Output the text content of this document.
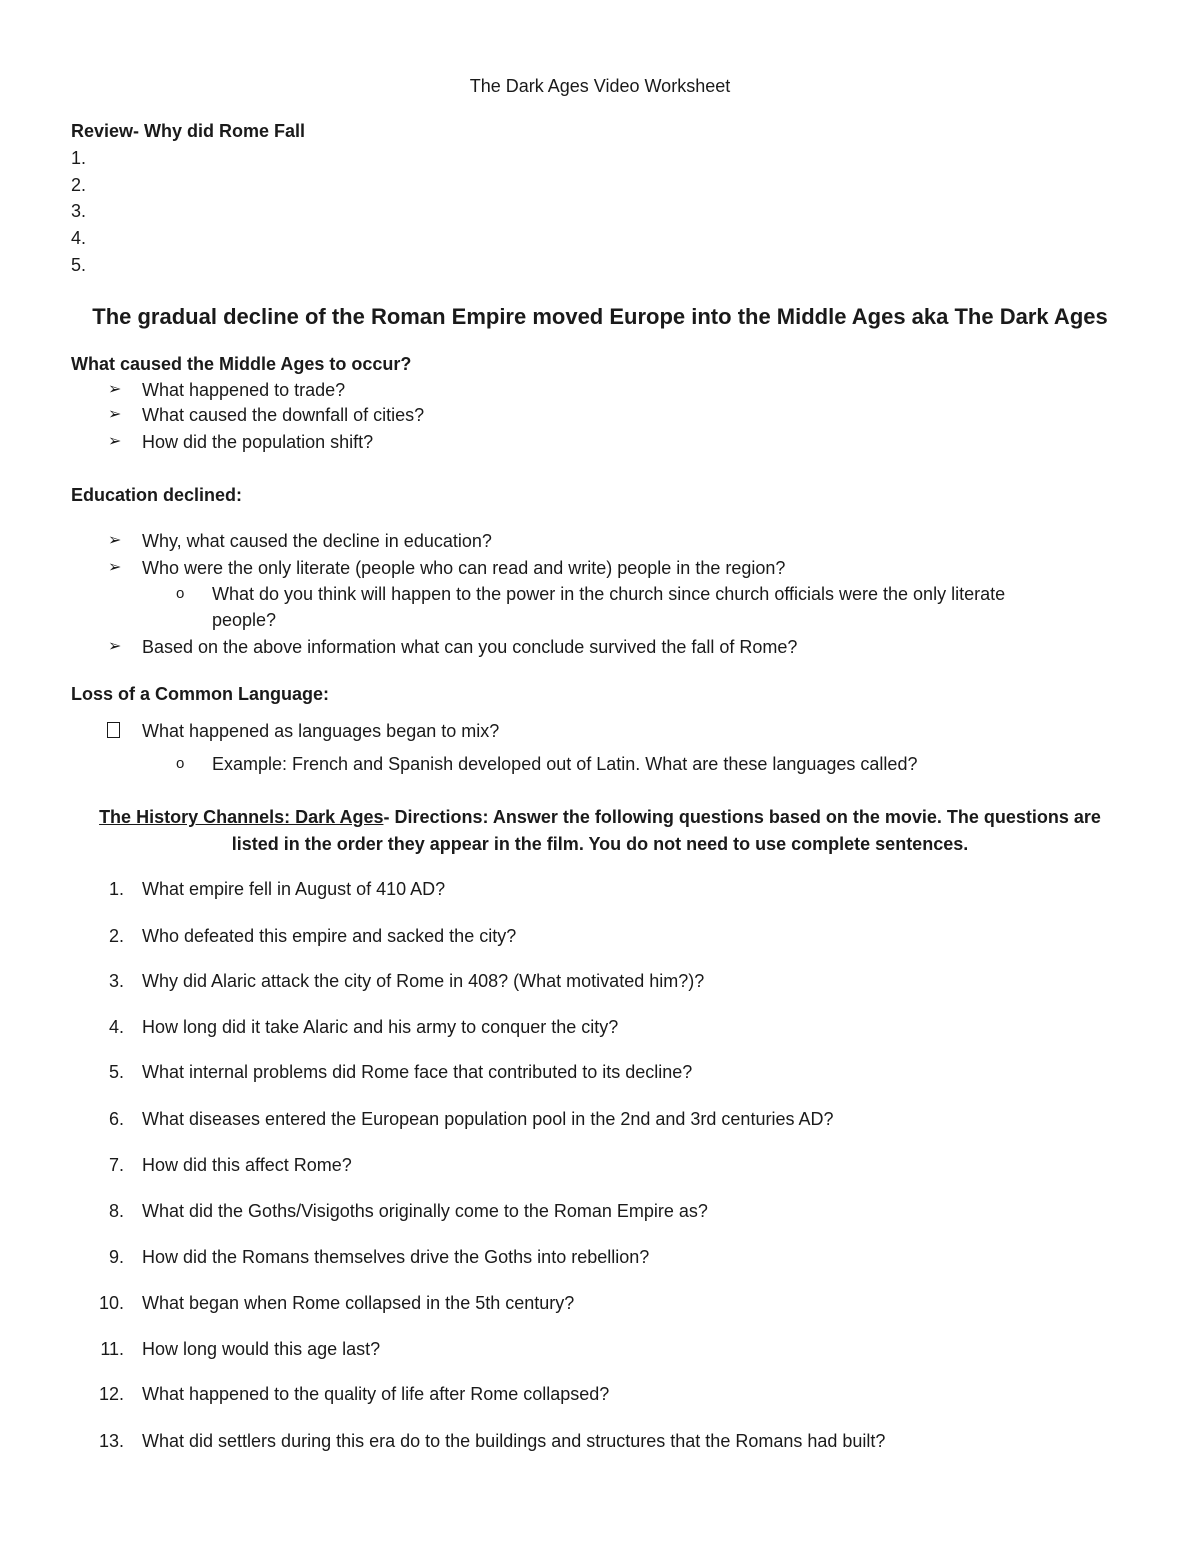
The Dark Ages Video Worksheet
Review- Why did Rome Fall
1.
2.
3.
4.
5.
The gradual decline of the Roman Empire moved Europe into the Middle Ages aka The Dark Ages
What caused the Middle Ages to occur?
➢ What happened to trade?
➢ What caused the downfall of cities?
➢ How did the population shift?
Education declined:
➢ Why, what caused the decline in education?
➢ Who were the only literate (people who can read and write) people in the region?
o What do you think will happen to the power in the church since church officials were the only literate
people?
➢ Based on the above information what can you conclude survived the fall of Rome?
Loss of a Common Language:
What happened as languages began to mix?
o Example: French and Spanish developed out of Latin. What are these languages called?
The History Channels: Dark Ages- Directions: Answer the following questions based on the movie. The questions are
listed in the order they appear in the film. You do not need to use complete sentences.
1. What empire fell in August of 410 AD?
2. Who defeated this empire and sacked the city?
3. Why did Alaric attack the city of Rome in 408? (What motivated him?)?
4. How long did it take Alaric and his army to conquer the city?
5. What internal problems did Rome face that contributed to its decline?
6. What diseases entered the European population pool in the 2nd and 3rd centuries AD?
7. How did this affect Rome?
8. What did the Goths/Visigoths originally come to the Roman Empire as?
9. How did the Romans themselves drive the Goths into rebellion?
10. What began when Rome collapsed in the 5th century?
11. How long would this age last?
12. What happened to the quality of life after Rome collapsed?
13. What did settlers during this era do to the buildings and structures that the Romans had built?
